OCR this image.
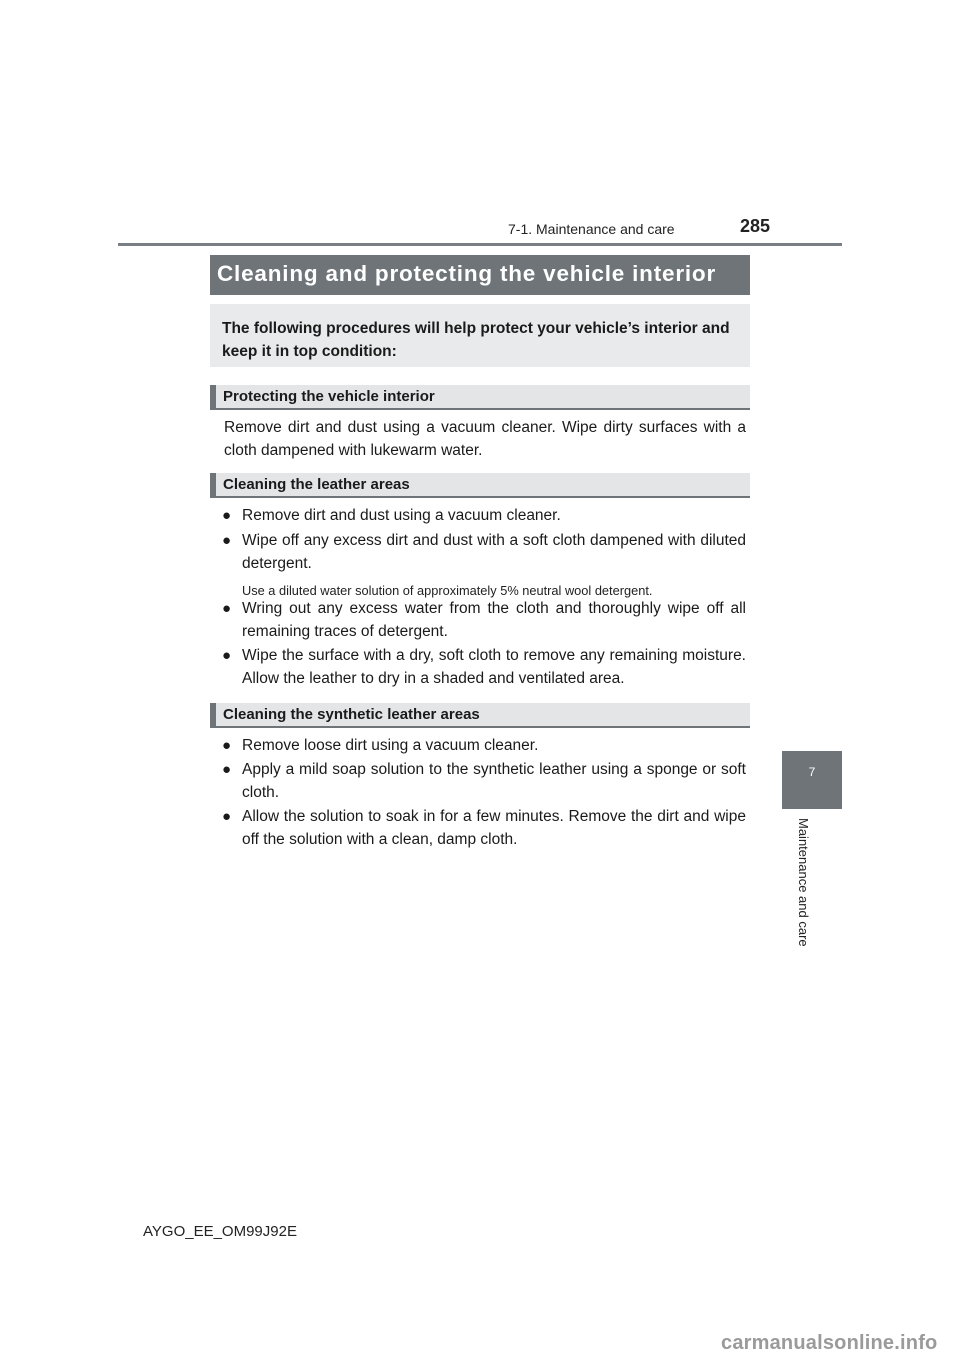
7-1. Maintenance and care	285
Cleaning and protecting the vehicle interior

The following procedures will help protect your vehicle’s interior and keep it in top condition:

Protecting the vehicle interior

Remove dirt and dust using a vacuum cleaner. Wipe dirty surfaces with a cloth dampened with lukewarm water.

Cleaning the leather areas
● Remove dirt and dust using a vacuum cleaner.
● Wipe off any excess dirt and dust with a soft cloth dampened with diluted detergent.
Use a diluted water solution of approximately 5% neutral wool detergent.
● Wring out any excess water from the cloth and thoroughly wipe off all remaining traces of detergent.
● Wipe the surface with a dry, soft cloth to remove any remaining moisture. Allow the leather to dry in a shaded and ventilated area.
Cleaning the synthetic leather areas
● Remove loose dirt using a vacuum cleaner.
● Apply a mild soap solution to the synthetic leather using a sponge or soft cloth.
● Allow the solution to soak in for a few minutes. Remove the dirt and wipe off the solution with a clean, damp cloth.
7
Maintenance and care
AYGO_EE_OM99J92E
carmanualsonline.info
